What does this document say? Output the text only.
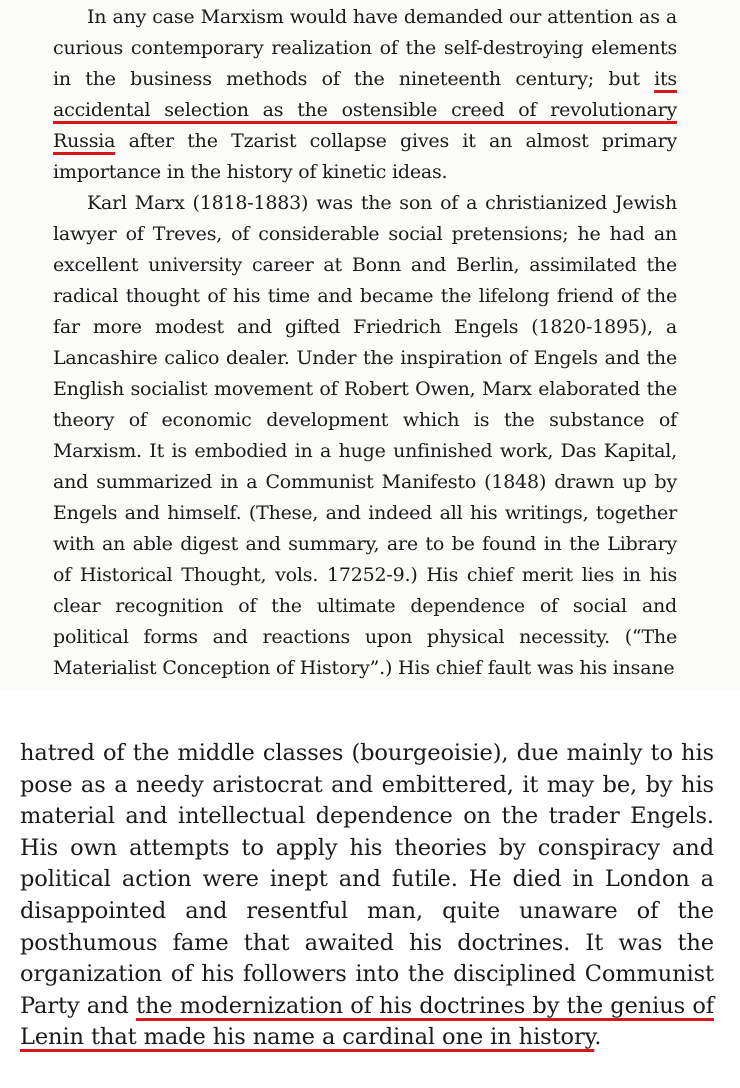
In any case Marxism would have demanded our attention as a curious contemporary realization of the self-destroying elements in the business methods of the nineteenth century; but its accidental selection as the ostensible creed of revolutionary Russia after the Tzarist collapse gives it an almost primary importance in the history of kinetic ideas.

Karl Marx (1818-1883) was the son of a christianized Jewish lawyer of Treves, of considerable social pretensions; he had an excellent university career at Bonn and Berlin, assimilated the radical thought of his time and became the lifelong friend of the far more modest and gifted Friedrich Engels (1820-1895), a Lancashire calico dealer. Under the inspiration of Engels and the English socialist movement of Robert Owen, Marx elaborated the theory of economic development which is the substance of Marxism. It is embodied in a huge unfinished work, Das Kapital, and summarized in a Communist Manifesto (1848) drawn up by Engels and himself. (These, and indeed all his writings, together with an able digest and summary, are to be found in the Library of Historical Thought, vols. 17252-9.) His chief merit lies in his clear recognition of the ultimate dependence of social and political forms and reactions upon physical necessity. (“The Materialist Conception of History”.) His chief fault was his insane

hatred of the middle classes (bourgeoisie), due mainly to his pose as a needy aristocrat and embittered, it may be, by his material and intellectual dependence on the trader Engels. His own attempts to apply his theories by conspiracy and political action were inept and futile. He died in London a disappointed and resentful man, quite unaware of the posthumous fame that awaited his doctrines. It was the organization of his followers into the disciplined Communist Party and the modernization of his doctrines by the genius of Lenin that made his name a cardinal one in history.
